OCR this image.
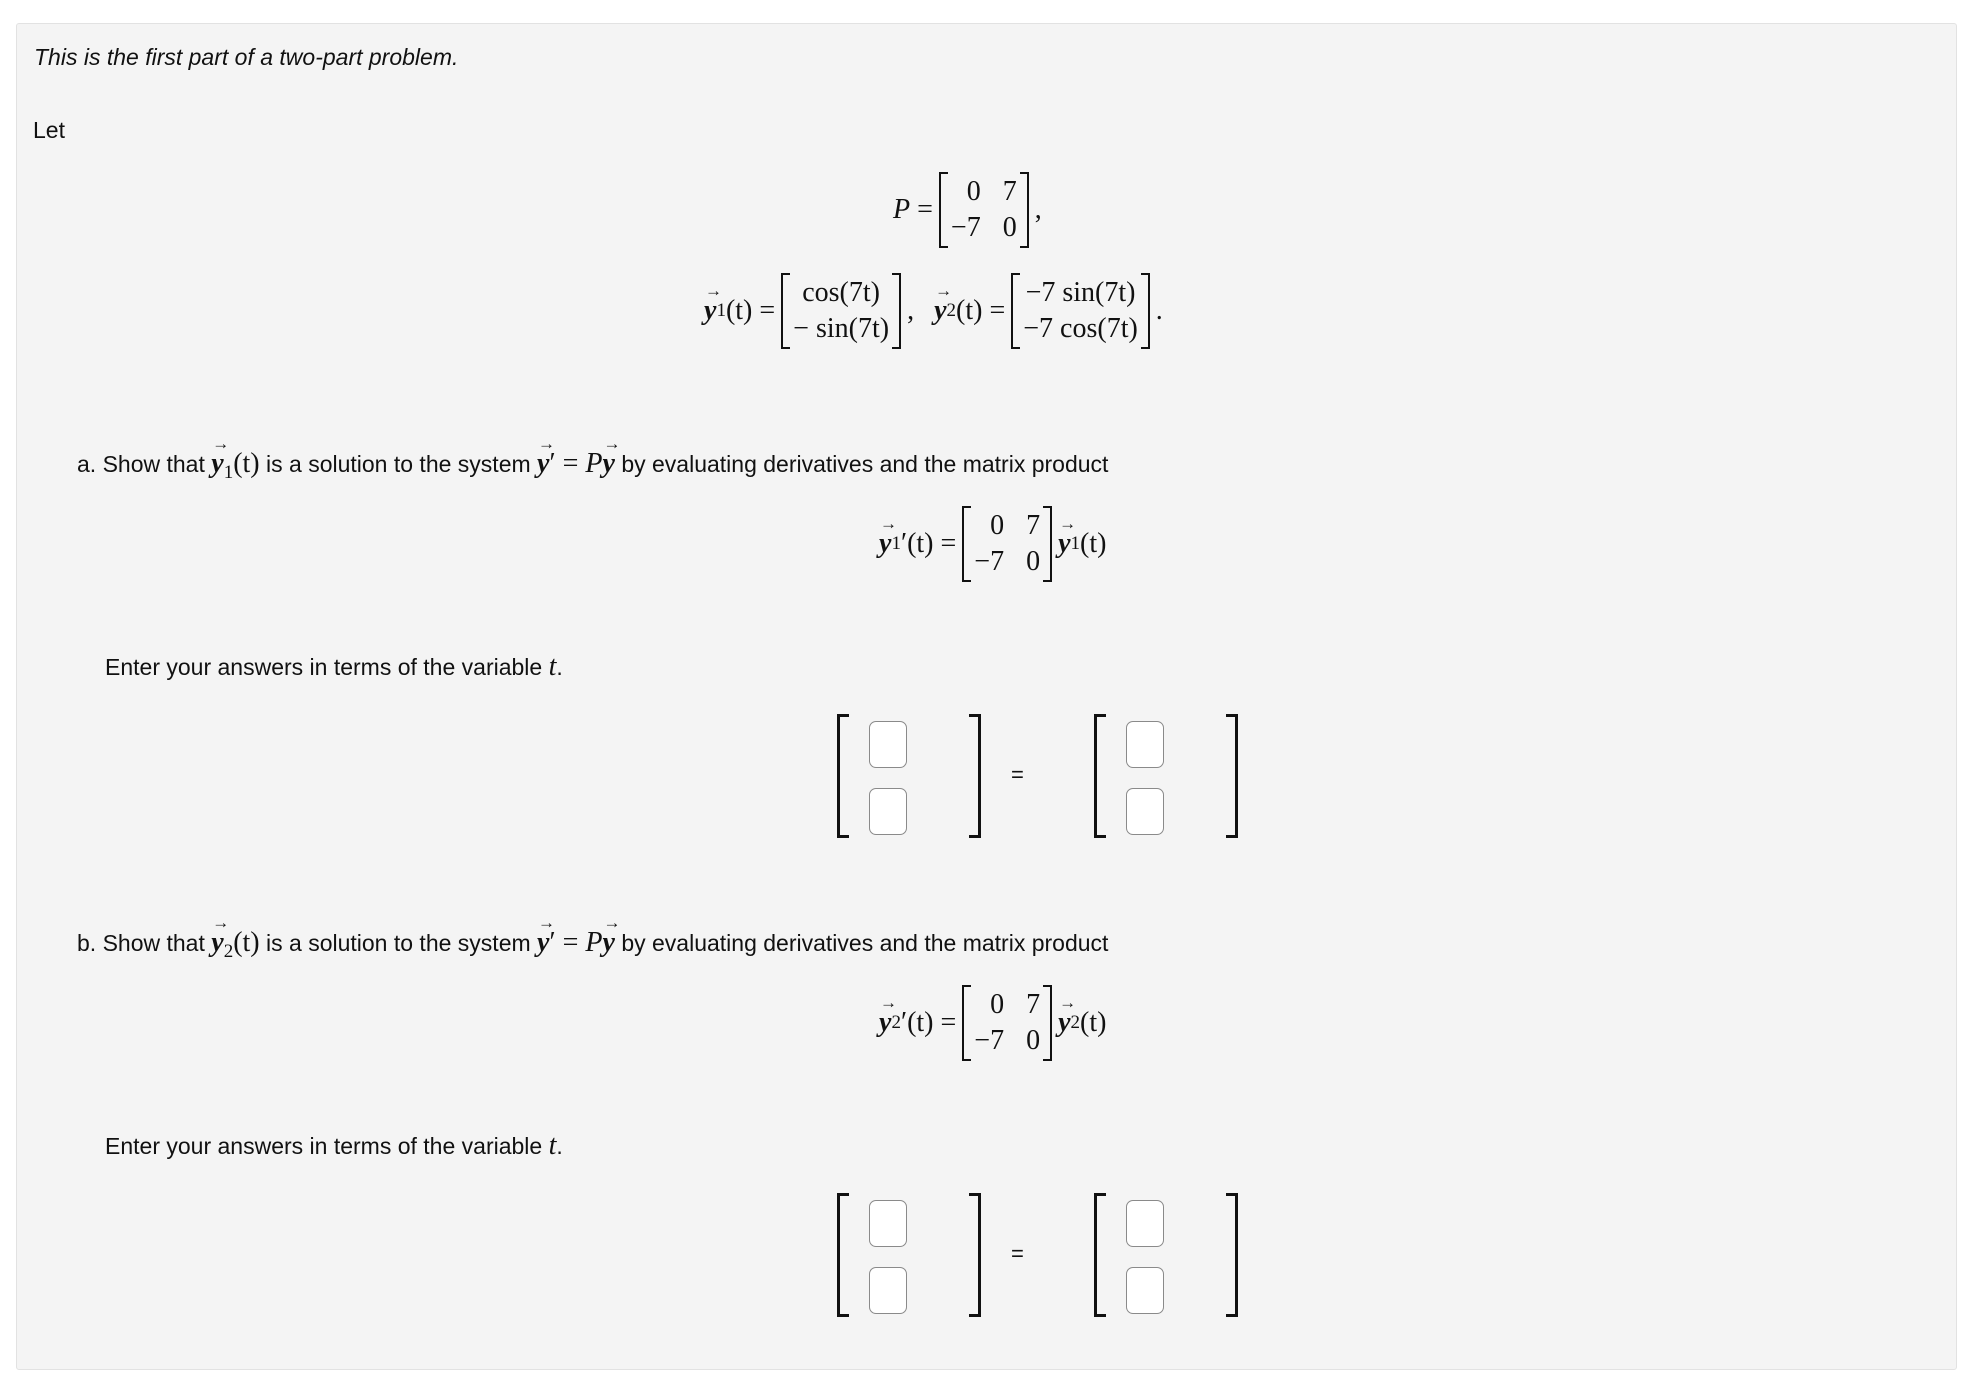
This is the first part of a two-part problem.
Let
P
=
0 7
−7 0
,
→ y 1 (t)
=
cos(7t)
− sin(7t)
, → y 2 (t)
=
−7 sin(7t)
−7 cos(7t)
.
a. Show that → $y_1(t)$ is a solution to the system → y′ = P→ y by evaluating derivatives and the matrix product
→ y 1 ′ (t)
=
0 7
−7 0
→ y 1 (t)
Enter your answers in terms of the variable t.
=
b. Show that → $y_2(t)$ is a solution to the system → y′ = P→ y by evaluating derivatives and the matrix product
→ y 2 ′ (t)
=
0 7
−7 0
→ y 2 (t)
Enter your answers in terms of the variable t.
=
